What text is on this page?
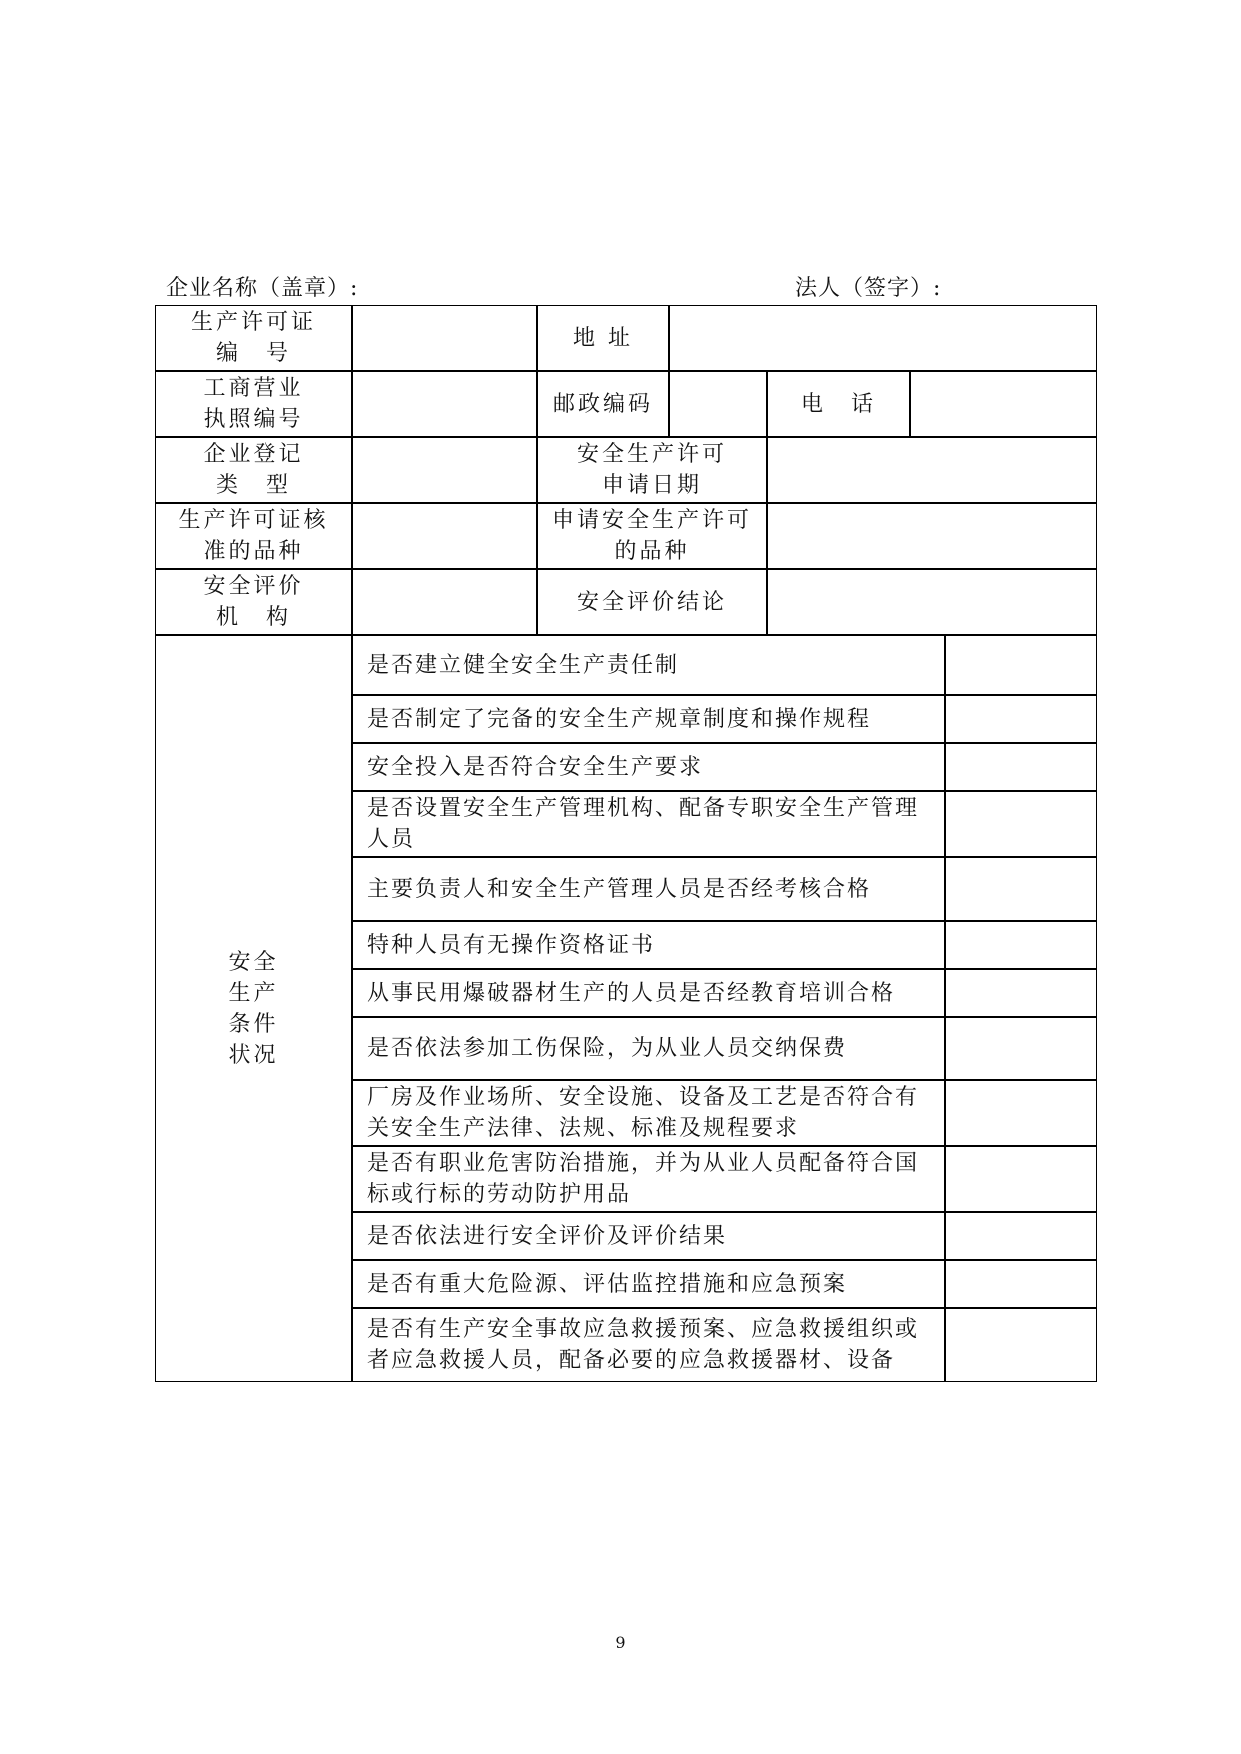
企业名称（盖章）:	法人（签字）:
生产许可证
编　号
地 址
工商营业
执照编号
邮政编码	电　话
企业登记
类　型
安全生产许可
申请日期
生产许可证核
准的品种
申请安全生产许可
的品种
安全评价
机　构
安全评价结论
安全
生产
条件
状况
是否建立健全安全生产责任制
是否制定了完备的安全生产规章制度和操作规程
安全投入是否符合安全生产要求
是否设置安全生产管理机构、配备专职安全生产管理人员
主要负责人和安全生产管理人员是否经考核合格
特种人员有无操作资格证书
从事民用爆破器材生产的人员是否经教育培训合格
是否依法参加工伤保险，为从业人员交纳保费
厂房及作业场所、安全设施、设备及工艺是否符合有关安全生产法律、法规、标准及规程要求
是否有职业危害防治措施，并为从业人员配备符合国标或行标的劳动防护用品
是否依法进行安全评价及评价结果
是否有重大危险源、评估监控措施和应急预案
是否有生产安全事故应急救援预案、应急救援组织或者应急救援人员，配备必要的应急救援器材、设备
9
